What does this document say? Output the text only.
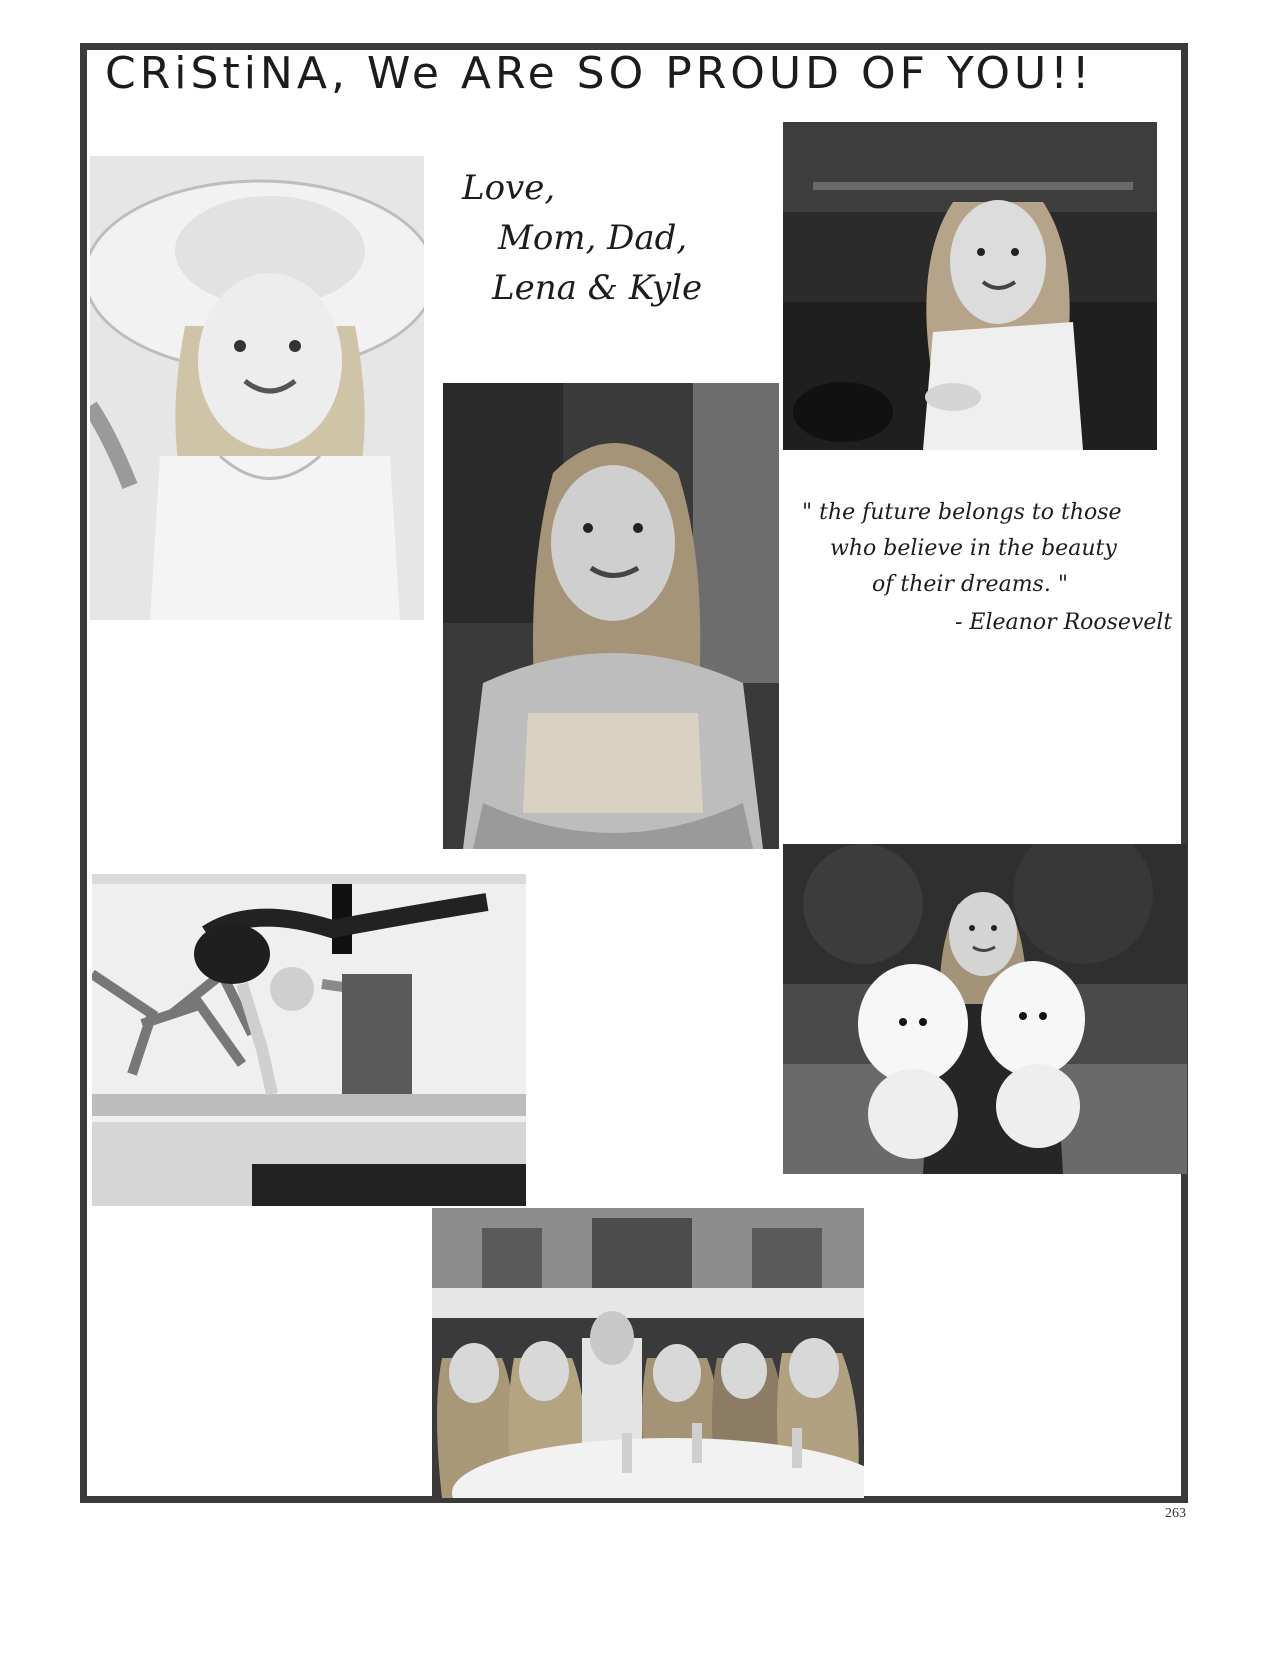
CRiStiNA, We ARe SO PROUD OF YOU!!
Love,
Mom, Dad,
Lena & Kyle
" the future belongs to those
who believe in the beauty
of their dreams. "
- Eleanor Roosevelt
263
